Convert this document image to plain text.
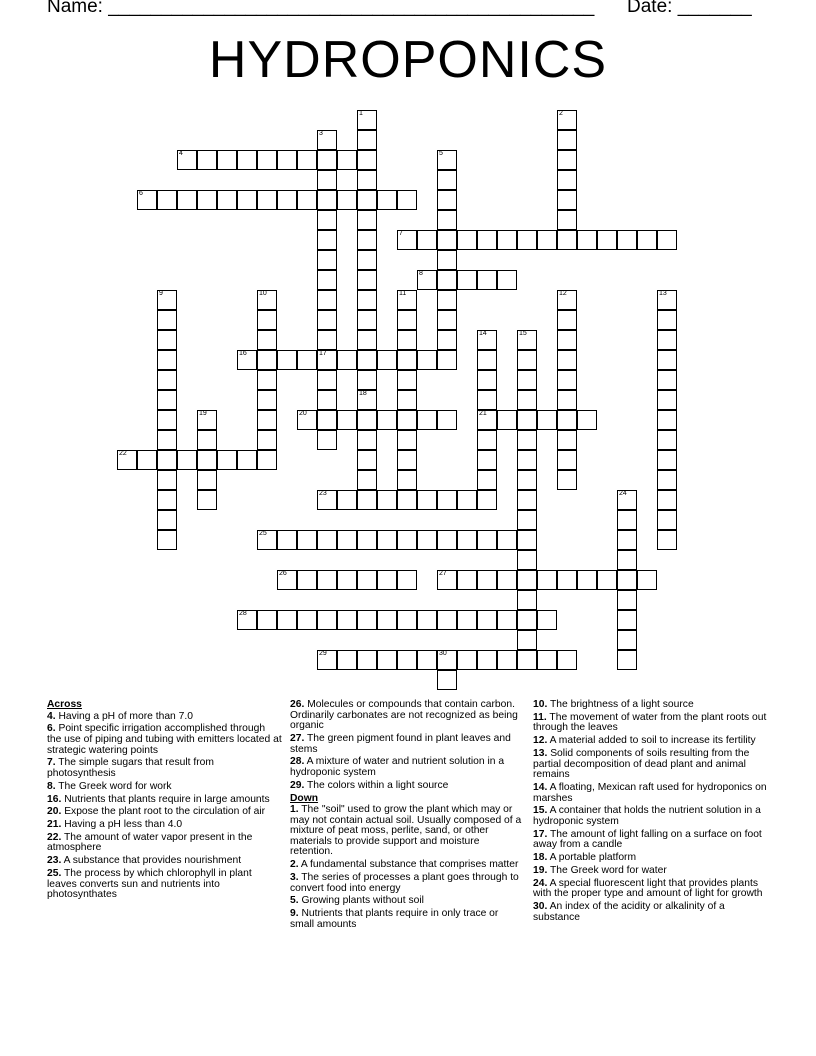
Name: ______________________________________________ Date: _______
HYDROPONICS
1
18
2
3
4	5
6
7
8
9	10	11	12	13
14
21
15
16	17
19	20
22
23	24
25
26	27
28
29	30

Across

4. Having a pH of more than 7.0

6. Point specific irrigation accomplished through the use of piping and tubing with emitters located at strategic watering points

7. The simple sugars that result from photosynthesis

8. The Greek word for work

16. Nutrients that plants require in large amounts

20. Expose the plant root to the circulation of air

21. Having a pH less than 4.0

22. The amount of water vapor present in the atmosphere

23. A substance that provides nourishment

25. The process by which chlorophyll in plant leaves converts sun and nutrients into photosynthates

26. Molecules or compounds that contain carbon. Ordinarily carbonates are not recognized as being organic

27. The green pigment found in plant leaves and stems

28. A mixture of water and nutrient solution in a hydroponic system

29. The colors within a light source

Down

1. The "soil" used to grow the plant which may or may not contain actual soil. Usually composed of a mixture of peat moss, perlite, sand, or other materials to provide support and moisture retention.

2. A fundamental substance that comprises matter

3. The series of processes a plant goes through to convert food into energy

5. Growing plants without soil

9. Nutrients that plants require in only trace or small amounts

10. The brightness of a light source

11. The movement of water from the plant roots out through the leaves

12. A material added to soil to increase its fertility

13. Solid components of soils resulting from the partial decomposition of dead plant and animal remains

14. A floating, Mexican raft used for hydroponics on marshes

15. A container that holds the nutrient solution in a hydroponic system

17. The amount of light falling on a surface on foot away from a candle

18. A portable platform

19. The Greek word for water

24. A special fluorescent light that provides plants with the proper type and amount of light for growth

30. An index of the acidity or alkalinity of a substance
